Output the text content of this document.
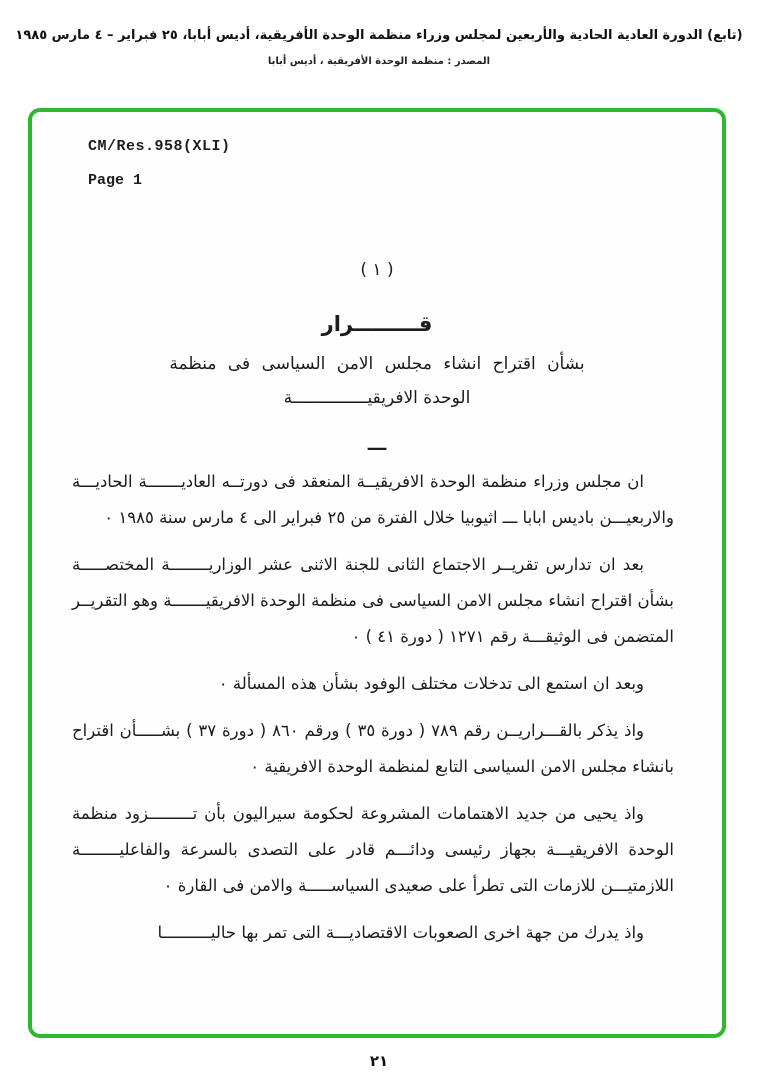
(تابع) الدورة العادية الحادية والأربعين لمجلس وزراء منظمة الوحدة الأفريقية، أديس أبابا، ٢٥ فبراير – ٤ مارس ١٩٨٥
المصدر : منظمة الوحدة الأفريقية ، أديس أبابا
CM/Res.958(XLI)
Page 1
( ١ )
قـــــــــرار
بشأن اقتراح انشاء مجلس الامن السياسى فى منظمة
الوحدة الافريقيـــــــــــــــة
ـــ

ان مجلس وزراء منظمة الوحدة الافريقيــة المنعقد فى دورتــه العاديـــــــة الحاديـــة والاربعيـــن باديس ابابا ـــ اثيوبيا خلال الفترة من ٢٥ فبراير الى ٤ مارس سنة ١٩٨٥ ٠

بعد ان تدارس تقريــر الاجتماع الثانى للجنة الاثنى عشر الوزاريــــــــة المختصـــــة بشأن اقتراح انشاء مجلس الامن السياسى فى منظمة الوحدة الافريقيـــــــة وهو التقريــر المتضمن فى الوثيقـــة رقم ١٢٧١ ( دورة ٤١ ) ٠

وبعد ان استمع الى تدخلات مختلف الوفود بشأن هذه المسألة ٠

واذ يذكر بالقـــراريــن رقم ٧٨٩ ( دورة ٣٥ ) ورقم ٨٦٠ ( دورة ٣٧ ) بشـــــأن اقتراح بانشاء مجلس الامن السياسى التابع لمنظمة الوحدة الافريقية ٠

واذ يحيى من جديد الاهتمامات المشروعة لحكومة سيراليون بأن تـــــــــزود منظمة الوحدة الافريقيـــة بجهاز رئيسى ودائـــم قادر على التصدى بالسرعة والفاعليــــــــة اللازمتيـــن للازمات التى تطرأ على صعيدى السياســـــة والامن فى القارة ٠

واذ يدرك من جهة اخرى الصعوبات الاقتصاديـــة التى تمر بها حاليــــــــــا

٢١
